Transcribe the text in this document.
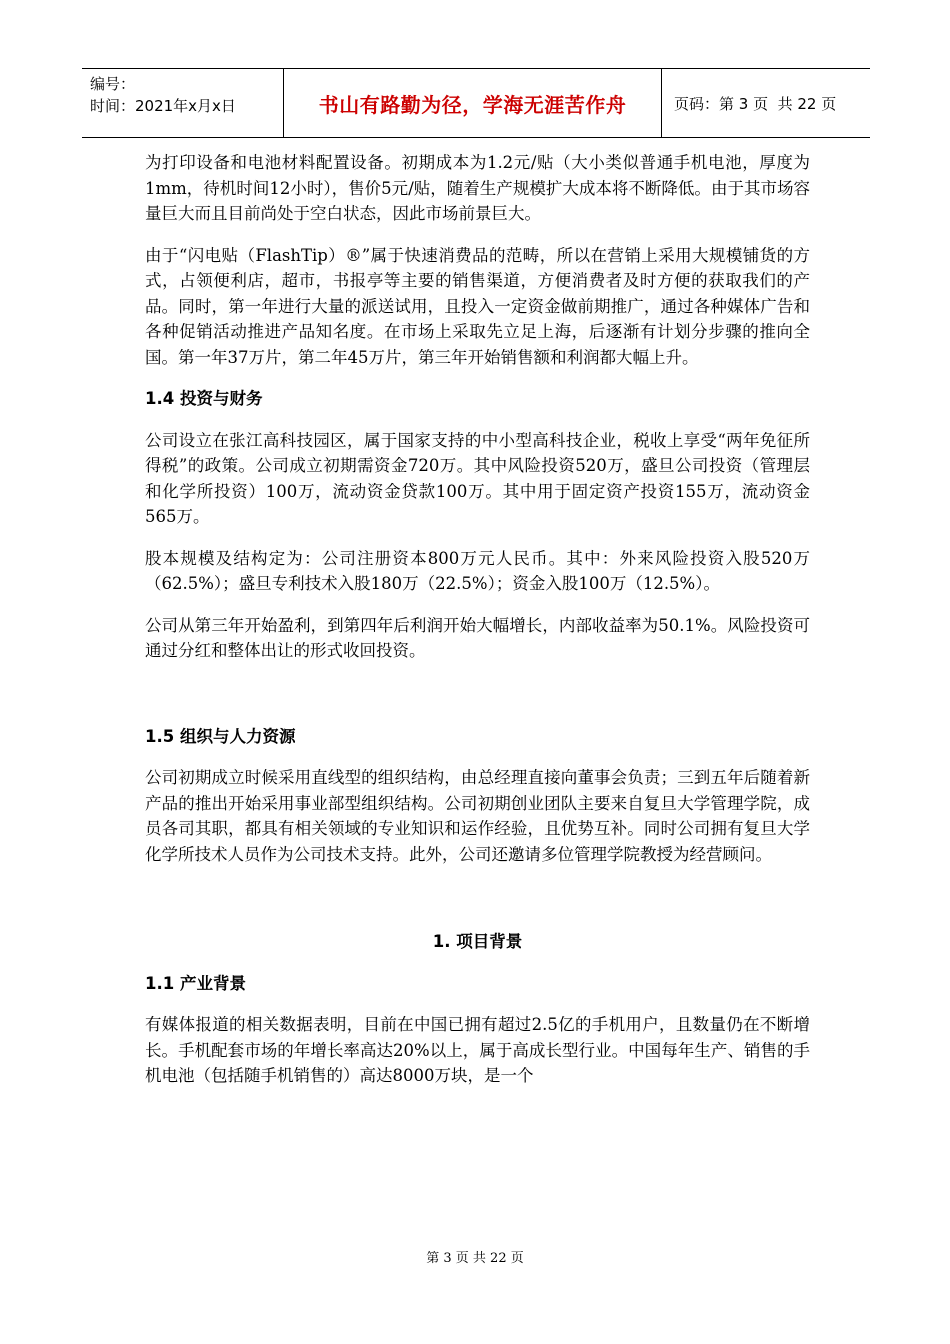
编号：
时间：2021年x月x日	书山有路勤为径，学海无涯苦作舟	页码：第 3 页  共 22 页

为打印设备和电池材料配置设备。初期成本为1.2元/贴（大小类似普通手机电池，厚度为1mm，待机时间12小时），售价5元/贴，随着生产规模扩大成本将不断降低。由于其市场容量巨大而且目前尚处于空白状态，因此市场前景巨大。

由于“闪电贴（FlashTip）®”属于快速消费品的范畴，所以在营销上采用大规模铺货的方式，占领便利店，超市，书报亭等主要的销售渠道，方便消费者及时方便的获取我们的产品。同时，第一年进行大量的派送试用，且投入一定资金做前期推广，通过各种媒体广告和各种促销活动推进产品知名度。在市场上采取先立足上海，后逐渐有计划分步骤的推向全国。第一年37万片，第二年45万片，第三年开始销售额和利润都大幅上升。

1.4 投资与财务

公司设立在张江高科技园区，属于国家支持的中小型高科技企业，税收上享受“两年免征所得税”的政策。公司成立初期需资金720万。其中风险投资520万，盛旦公司投资（管理层和化学所投资）100万，流动资金贷款100万。其中用于固定资产投资155万，流动资金565万。

股本规模及结构定为：公司注册资本800万元人民币。其中：外来风险投资入股520万（62.5%）；盛旦专利技术入股180万（22.5%）；资金入股100万（12.5%）。

公司从第三年开始盈利，到第四年后利润开始大幅增长，内部收益率为50.1%。风险投资可通过分红和整体出让的形式收回投资。

1.5 组织与人力资源

公司初期成立时候采用直线型的组织结构，由总经理直接向董事会负责；三到五年后随着新产品的推出开始采用事业部型组织结构。公司初期创业团队主要来自复旦大学管理学院，成员各司其职，都具有相关领域的专业知识和运作经验，且优势互补。同时公司拥有复旦大学化学所技术人员作为公司技术支持。此外，公司还邀请多位管理学院教授为经营顾问。

1. 项目背景
1.1 产业背景

有媒体报道的相关数据表明，目前在中国已拥有超过2.5亿的手机用户，且数量仍在不断增长。手机配套市场的年增长率高达20%以上，属于高成长型行业。中国每年生产、销售的手机电池（包括随手机销售的）高达8000万块，是一个

第 3 页 共 22 页
